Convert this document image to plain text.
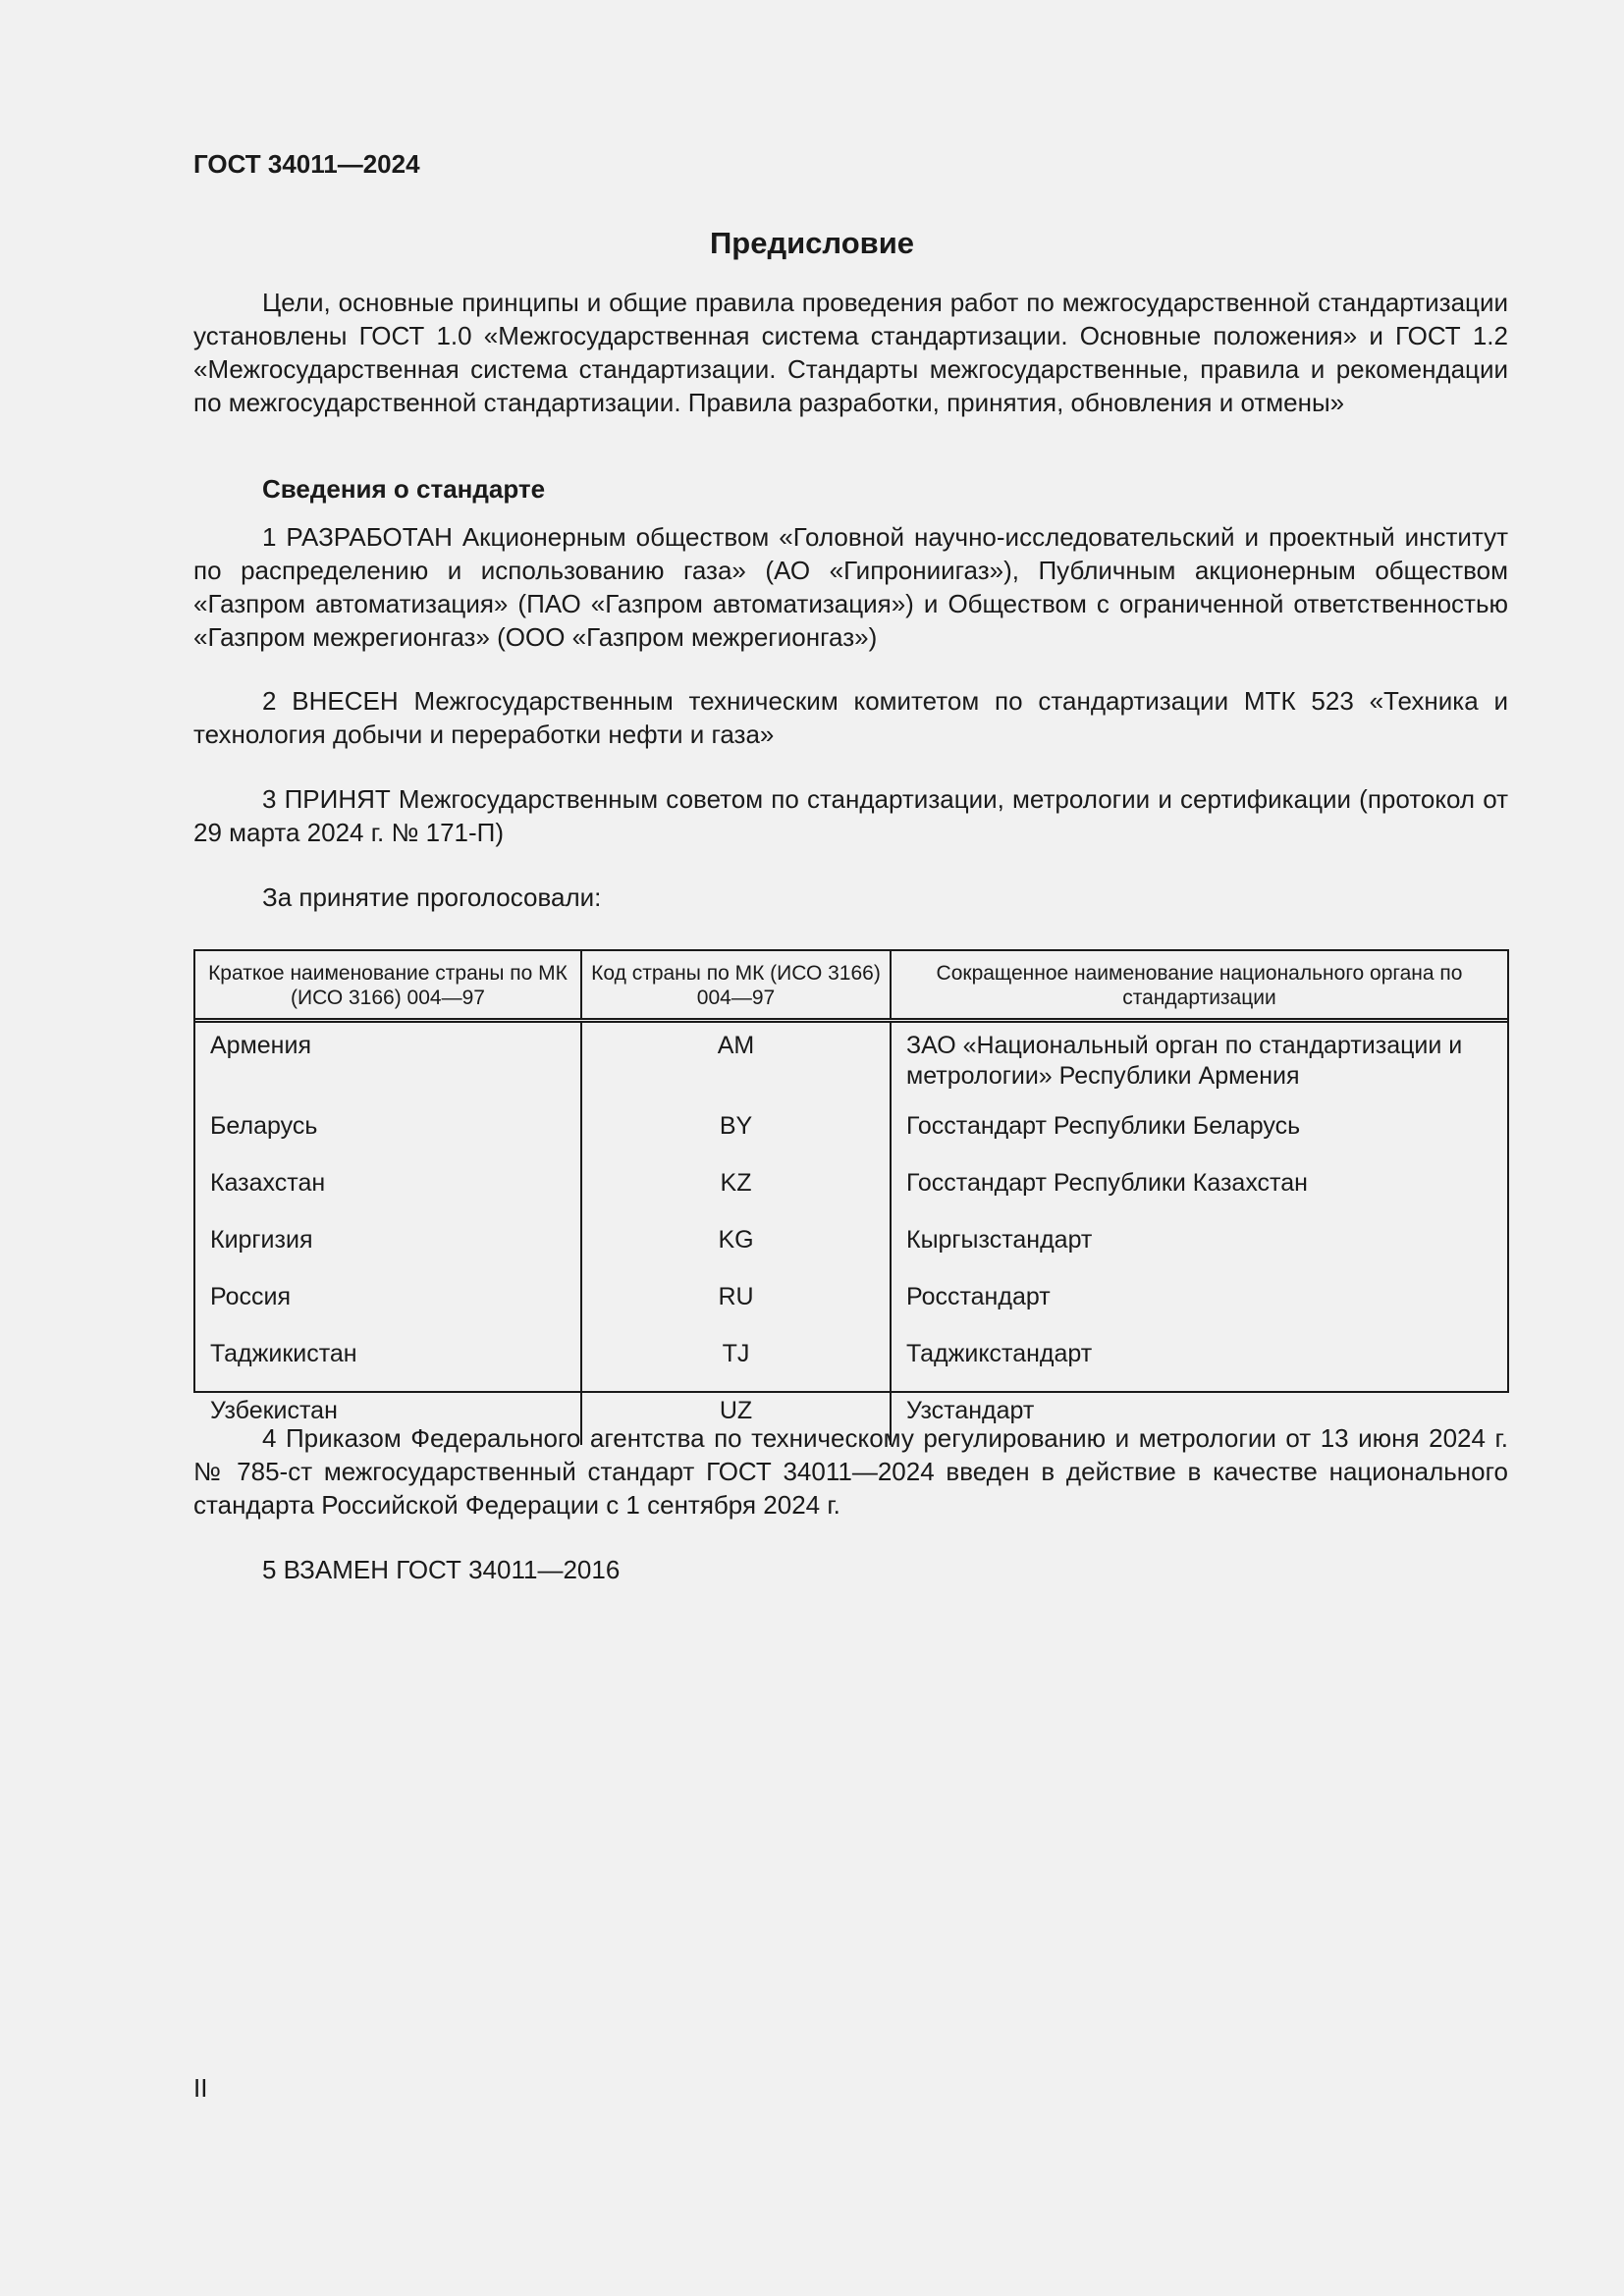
ГОСТ 34011—2024
Предисловие

Цели, основные принципы и общие правила проведения работ по межгосударственной стандартизации установлены ГОСТ 1.0 «Межгосударственная система стандартизации. Основные положения» и ГОСТ 1.2 «Межгосударственная система стандартизации. Стандарты межгосударственные, правила и рекомендации по межгосударственной стандартизации. Правила разработки, принятия, обновления и отмены»

Сведения о стандарте

1 РАЗРАБОТАН Акционерным обществом «Головной научно-исследовательский и проектный институт по распределению и использованию газа» (АО «Гипрониигаз»), Публичным акционерным обществом «Газпром автоматизация» (ПАО «Газпром автоматизация») и Обществом с ограниченной ответственностью «Газпром межрегионгаз» (ООО «Газпром межрегионгаз»)

2 ВНЕСЕН Межгосударственным техническим комитетом по стандартизации МТК 523 «Техника и технология добычи и переработки нефти и газа»

3 ПРИНЯТ Межгосударственным советом по стандартизации, метрологии и сертификации (протокол от 29 марта 2024 г. № 171-П)

За принятие проголосовали:

Краткое наименование страны по МК (ИСО 3166) 004—97	Код страны по МК (ИСО 3166) 004—97	Сокращенное наименование национального органа по стандартизации
Армения	AM	ЗАО «Национальный орган по стандартизации и метрологии» Республики Армения
Беларусь	BY	Госстандарт Республики Беларусь
Казахстан	KZ	Госстандарт Республики Казахстан
Киргизия	KG	Кыргызстандарт
Россия	RU	Росстандарт
Таджикистан	TJ	Таджикстандарт
Узбекистан	UZ	Узстандарт

4 Приказом Федерального агентства по техническому регулированию и метрологии от 13 июня 2024 г. № 785-ст межгосударственный стандарт ГОСТ 34011—2024 введен в действие в качестве национального стандарта Российской Федерации с 1 сентября 2024 г.

5 ВЗАМЕН ГОСТ 34011—2016

II
